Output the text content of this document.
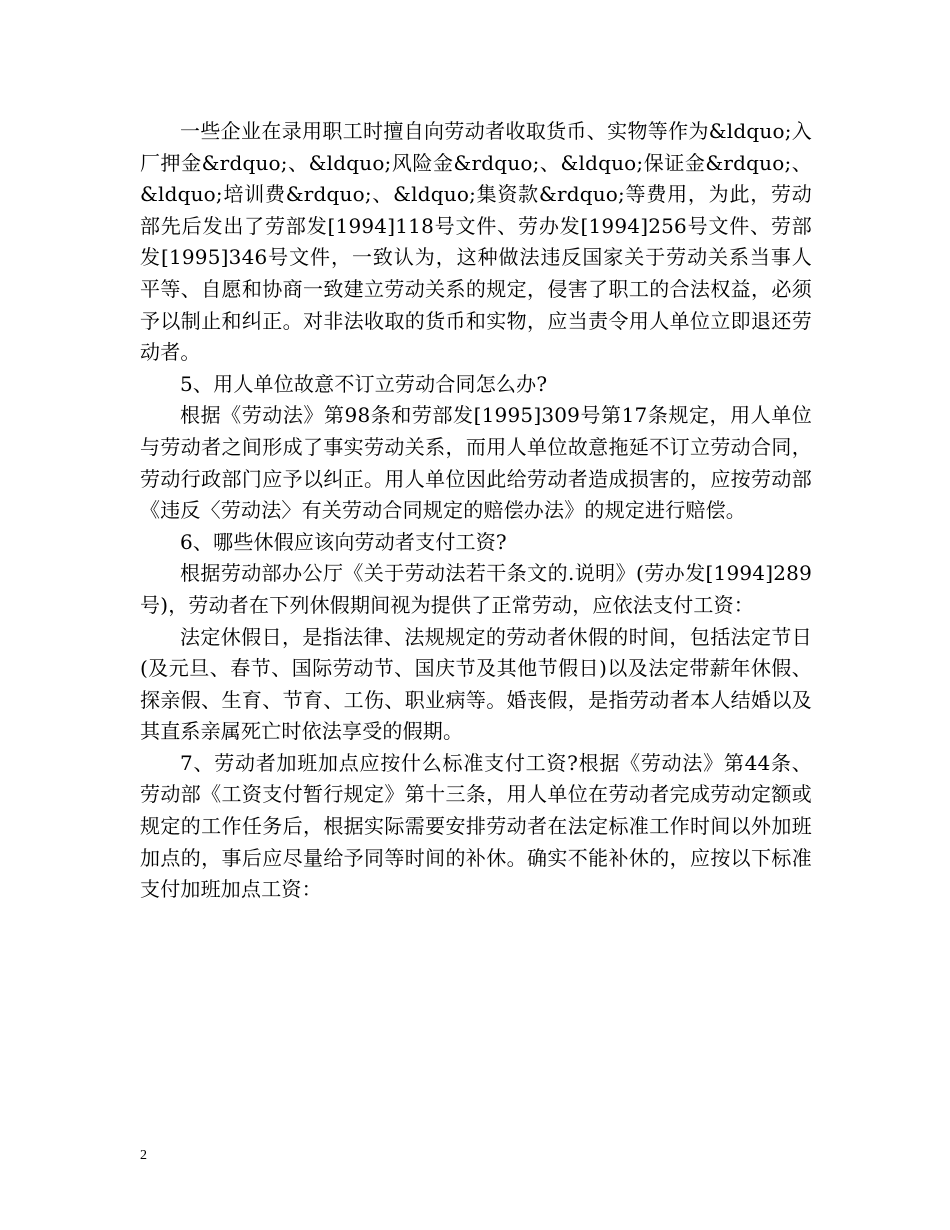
一些企业在录用职工时擅自向劳动者收取货币、实物等作为&ldquo;入厂押金&rdquo;、&ldquo;风险金&rdquo;、&ldquo;保证金&rdquo;、&ldquo;培训费&rdquo;、&ldquo;集资款&rdquo;等费用，为此，劳动部先后发出了劳部发[1994]118号文件、劳办发[1994]256号文件、劳部发[1995]346号文件，一致认为，这种做法违反国家关于劳动关系当事人平等、自愿和协商一致建立劳动关系的规定，侵害了职工的合法权益，必须予以制止和纠正。对非法收取的货币和实物，应当责令用人单位立即退还劳动者。

5、用人单位故意不订立劳动合同怎么办?

根据《劳动法》第98条和劳部发[1995]309号第17条规定，用人单位与劳动者之间形成了事实劳动关系，而用人单位故意拖延不订立劳动合同，劳动行政部门应予以纠正。用人单位因此给劳动者造成损害的，应按劳动部《违反〈劳动法〉有关劳动合同规定的赔偿办法》的规定进行赔偿。

6、哪些休假应该向劳动者支付工资?

根据劳动部办公厅《关于劳动法若干条文的.说明》(劳办发[1994]289号)，劳动者在下列休假期间视为提供了正常劳动，应依法支付工资：

法定休假日，是指法律、法规规定的劳动者休假的时间，包括法定节日(及元旦、春节、国际劳动节、国庆节及其他节假日)以及法定带薪年休假、探亲假、生育、节育、工伤、职业病等。婚丧假，是指劳动者本人结婚以及其直系亲属死亡时依法享受的假期。

7、劳动者加班加点应按什么标准支付工资?根据《劳动法》第44条、劳动部《工资支付暂行规定》第十三条，用人单位在劳动者完成劳动定额或规定的工作任务后，根据实际需要安排劳动者在法定标准工作时间以外加班加点的，事后应尽量给予同等时间的补休。确实不能补休的，应按以下标准支付加班加点工资：

2
